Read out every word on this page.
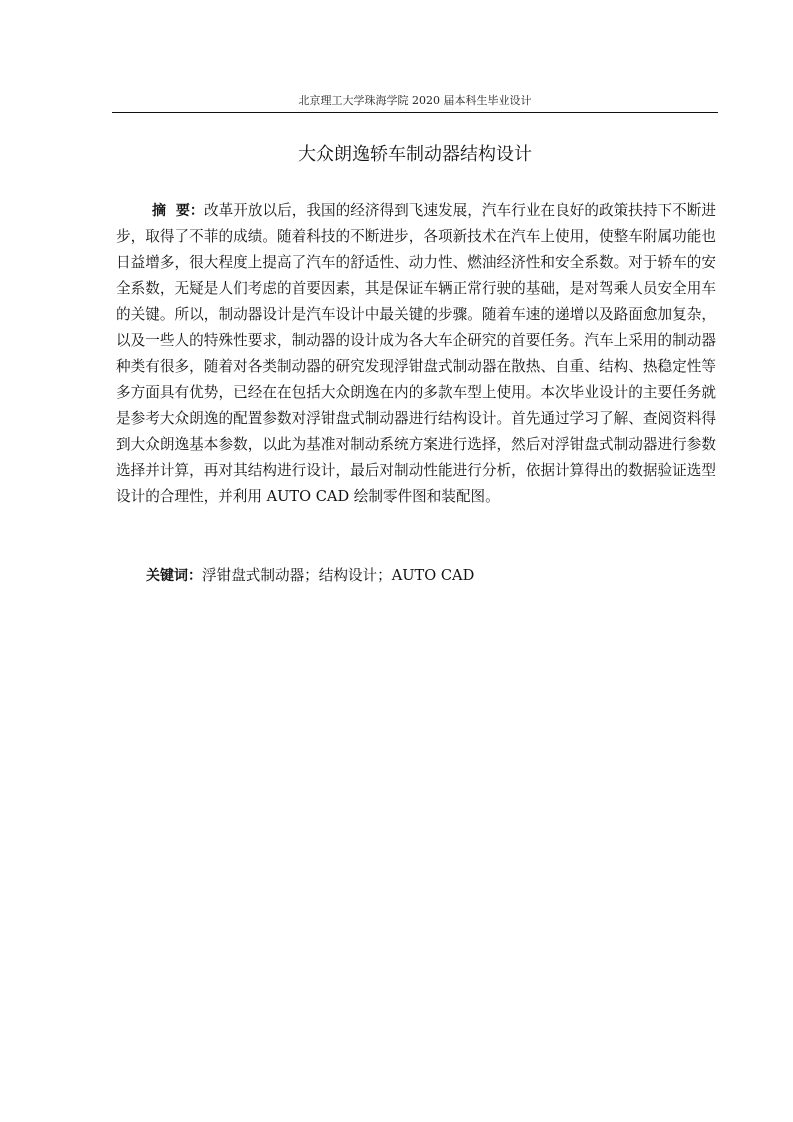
北京理工大学珠海学院 2020 届本科生毕业设计
大众朗逸轿车制动器结构设计

摘  要：改革开放以后，我国的经济得到飞速发展，汽车行业在良好的政策扶持下不断进步，取得了不菲的成绩。随着科技的不断进步，各项新技术在汽车上使用，使整车附属功能也日益增多，很大程度上提高了汽车的舒适性、动力性、燃油经济性和安全系数。对于轿车的安全系数，无疑是人们考虑的首要因素，其是保证车辆正常行驶的基础，是对驾乘人员安全用车的关键。所以，制动器设计是汽车设计中最关键的步骤。随着车速的递增以及路面愈加复杂，以及一些人的特殊性要求，制动器的设计成为各大车企研究的首要任务。汽车上采用的制动器种类有很多，随着对各类制动器的研究发现浮钳盘式制动器在散热、自重、结构、热稳定性等多方面具有优势，已经在在包括大众朗逸在内的多款车型上使用。本次毕业设计的主要任务就是参考大众朗逸的配置参数对浮钳盘式制动器进行结构设计。首先通过学习了解、查阅资料得到大众朗逸基本参数，以此为基准对制动系统方案进行选择，然后对浮钳盘式制动器进行参数选择并计算，再对其结构进行设计，最后对制动性能进行分析，依据计算得出的数据验证选型设计的合理性，并利用 AUTO CAD 绘制零件图和装配图。

关键词：浮钳盘式制动器；结构设计；AUTO CAD
